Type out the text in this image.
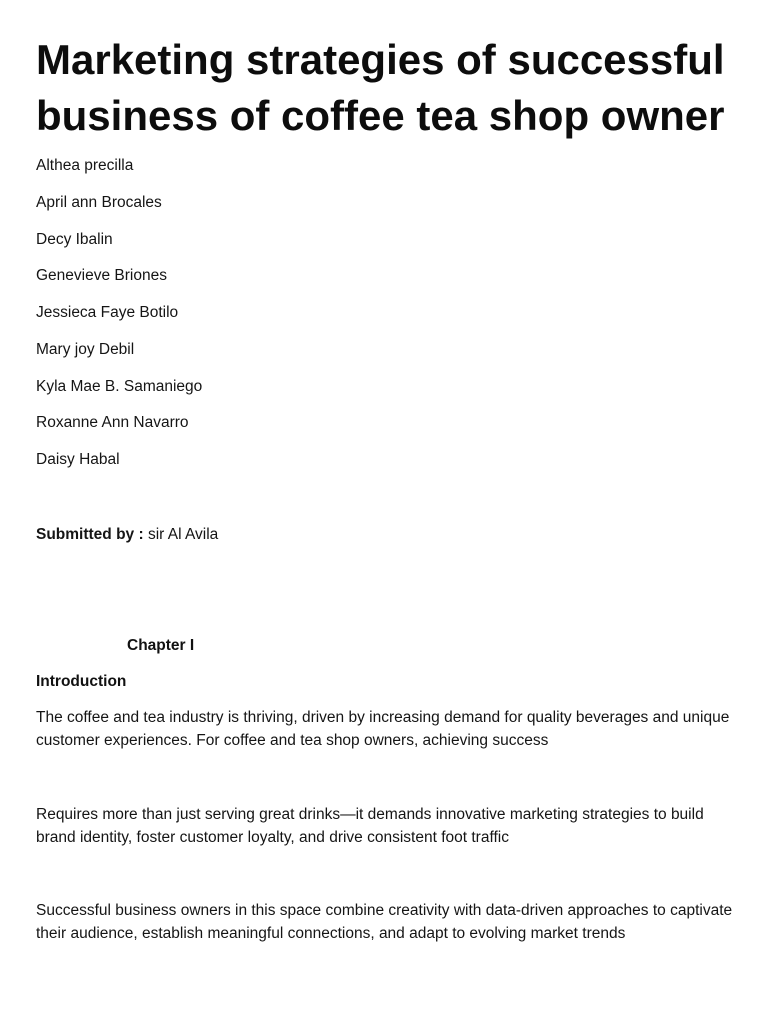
Marketing strategies of successful business of coffee tea shop owner
Althea precilla
April ann Brocales
Decy Ibalin
Genevieve Briones
Jessieca Faye Botilo
Mary joy Debil
Kyla Mae B. Samaniego
Roxanne Ann Navarro
Daisy Habal
Submitted by : sir Al Avila
Chapter I
Introduction

The coffee and tea industry is thriving, driven by increasing demand for quality beverages and unique customer experiences. For coffee and tea shop owners, achieving success

Requires more than just serving great drinks—it demands innovative marketing strategies to build brand identity, foster customer loyalty, and drive consistent foot traffic

Successful business owners in this space combine creativity with data-driven approaches to captivate their audience, establish meaningful connections, and adapt to evolving market trends
